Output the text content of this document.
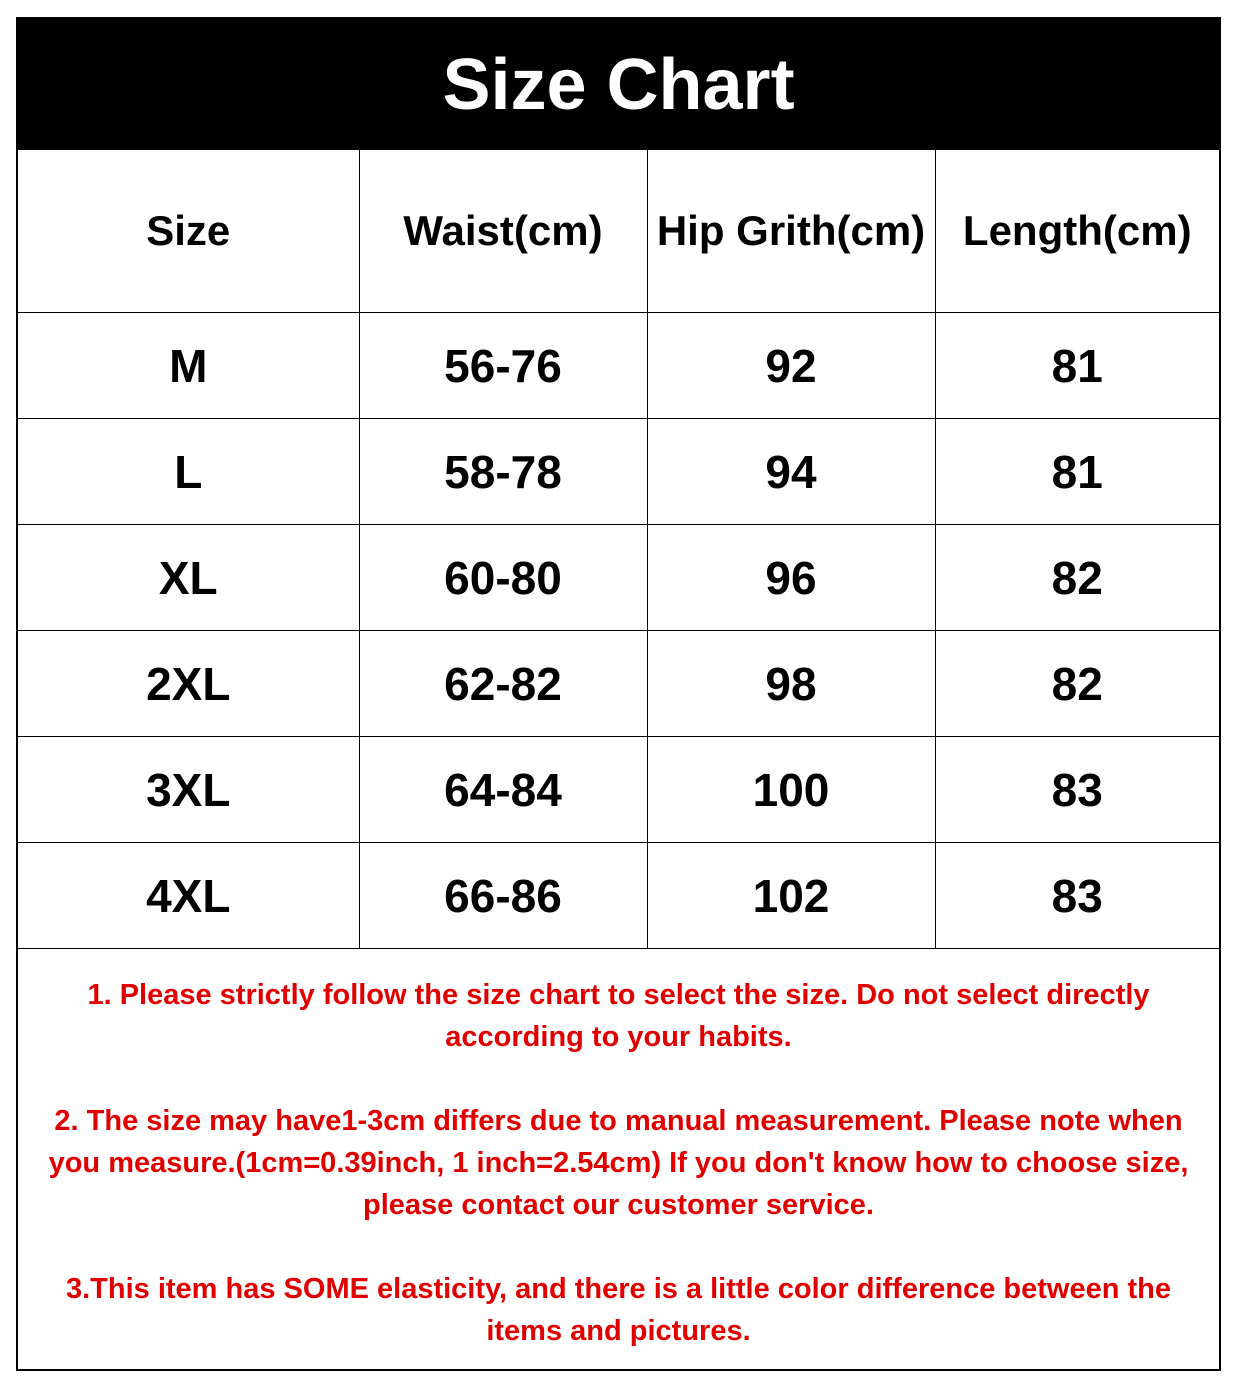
Size Chart
Size	Waist(cm)	Hip Grith(cm)	Length(cm)
M	56-76	92	81
L	58-78	94	81
XL	60-80	96	82
2XL	62-82	98	82
3XL	64-84	100	83
4XL	66-86	102	83
1. Please strictly follow the size chart to select the size. Do not select directly according to your habits.
2. The size may have1-3cm differs due to manual measurement. Please note when you measure.(1cm=0.39inch, 1 inch=2.54cm) If you don't know how to choose size, please contact our customer service.
3.This item has SOME elasticity, and there is a little color difference between the items and pictures.
